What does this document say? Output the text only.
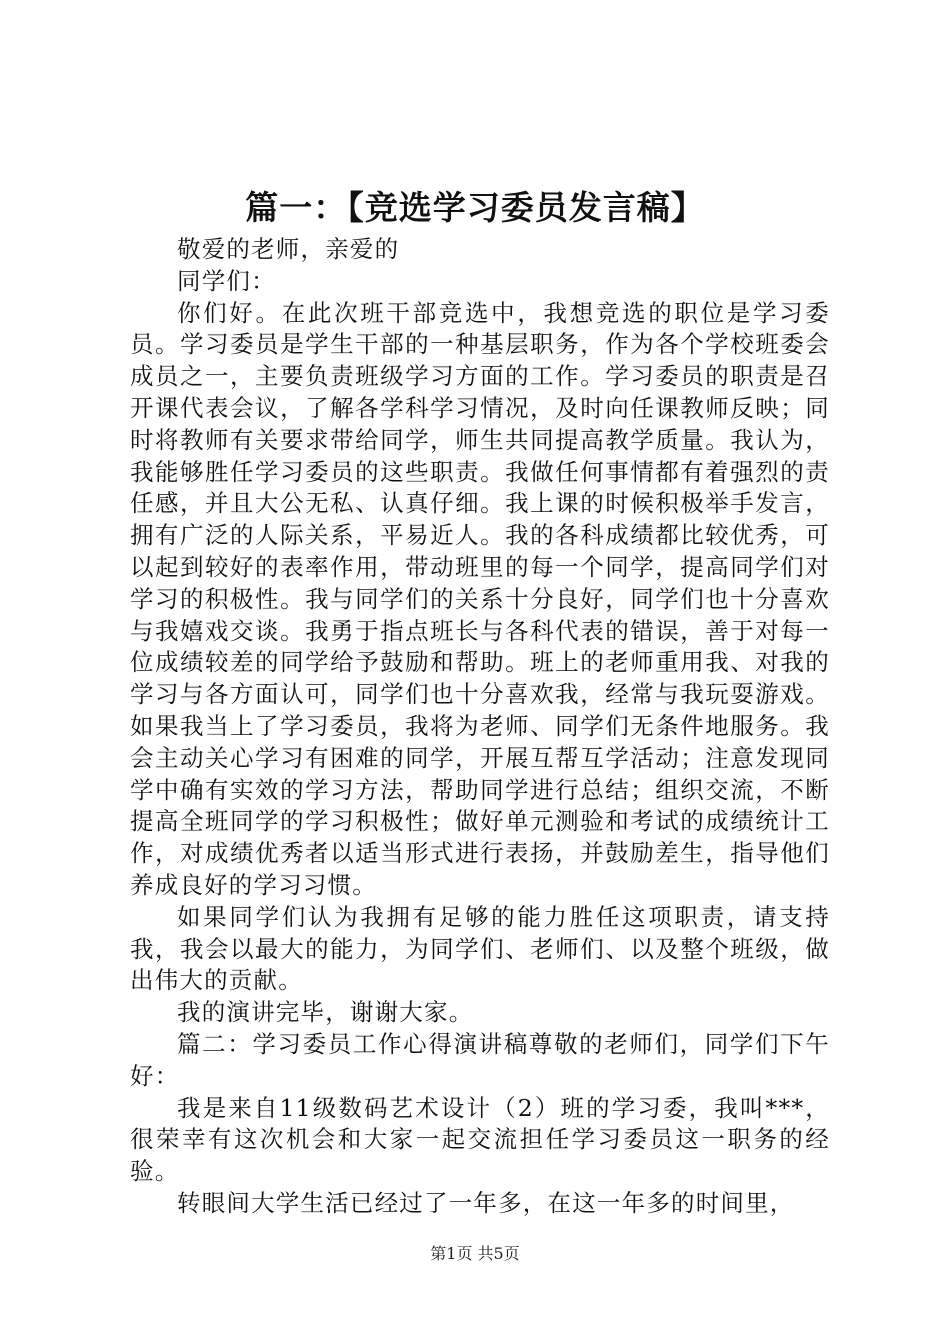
篇一：【竞选学习委员发言稿】

敬爱的老师，亲爱的

同学们：

你们好。在此次班干部竞选中，我想竞选的职位是学习委员。学习委员是学生干部的一种基层职务，作为各个学校班委会成员之一，主要负责班级学习方面的工作。学习委员的职责是召开课代表会议，了解各学科学习情况，及时向任课教师反映；同时将教师有关要求带给同学，师生共同提高教学质量。我认为，我能够胜任学习委员的这些职责。我做任何事情都有着强烈的责任感，并且大公无私、认真仔细。我上课的时候积极举手发言，拥有广泛的人际关系，平易近人。我的各科成绩都比较优秀，可以起到较好的表率作用，带动班里的每一个同学，提高同学们对学习的积极性。我与同学们的关系十分良好，同学们也十分喜欢与我嬉戏交谈。我勇于指点班长与各科代表的错误，善于对每一位成绩较差的同学给予鼓励和帮助。班上的老师重用我、对我的学习与各方面认可，同学们也十分喜欢我，经常与我玩耍游戏。如果我当上了学习委员，我将为老师、同学们无条件地服务。我会主动关心学习有困难的同学，开展互帮互学活动；注意发现同学中确有实效的学习方法，帮助同学进行总结；组织交流，不断提高全班同学的学习积极性；做好单元测验和考试的成绩统计工作，对成绩优秀者以适当形式进行表扬，并鼓励差生，指导他们养成良好的学习习惯。

如果同学们认为我拥有足够的能力胜任这项职责，请支持我，我会以最大的能力，为同学们、老师们、以及整个班级，做出伟大的贡献。

我的演讲完毕，谢谢大家。

篇二：学习委员工作心得演讲稿尊敬的老师们，同学们下午好：

我是来自11级数码艺术设计（2）班的学习委，我叫***，很荣幸有这次机会和大家一起交流担任学习委员这一职务的经验。

转眼间大学生活已经过了一年多，在这一年多的时间里，

第1页 共5页
